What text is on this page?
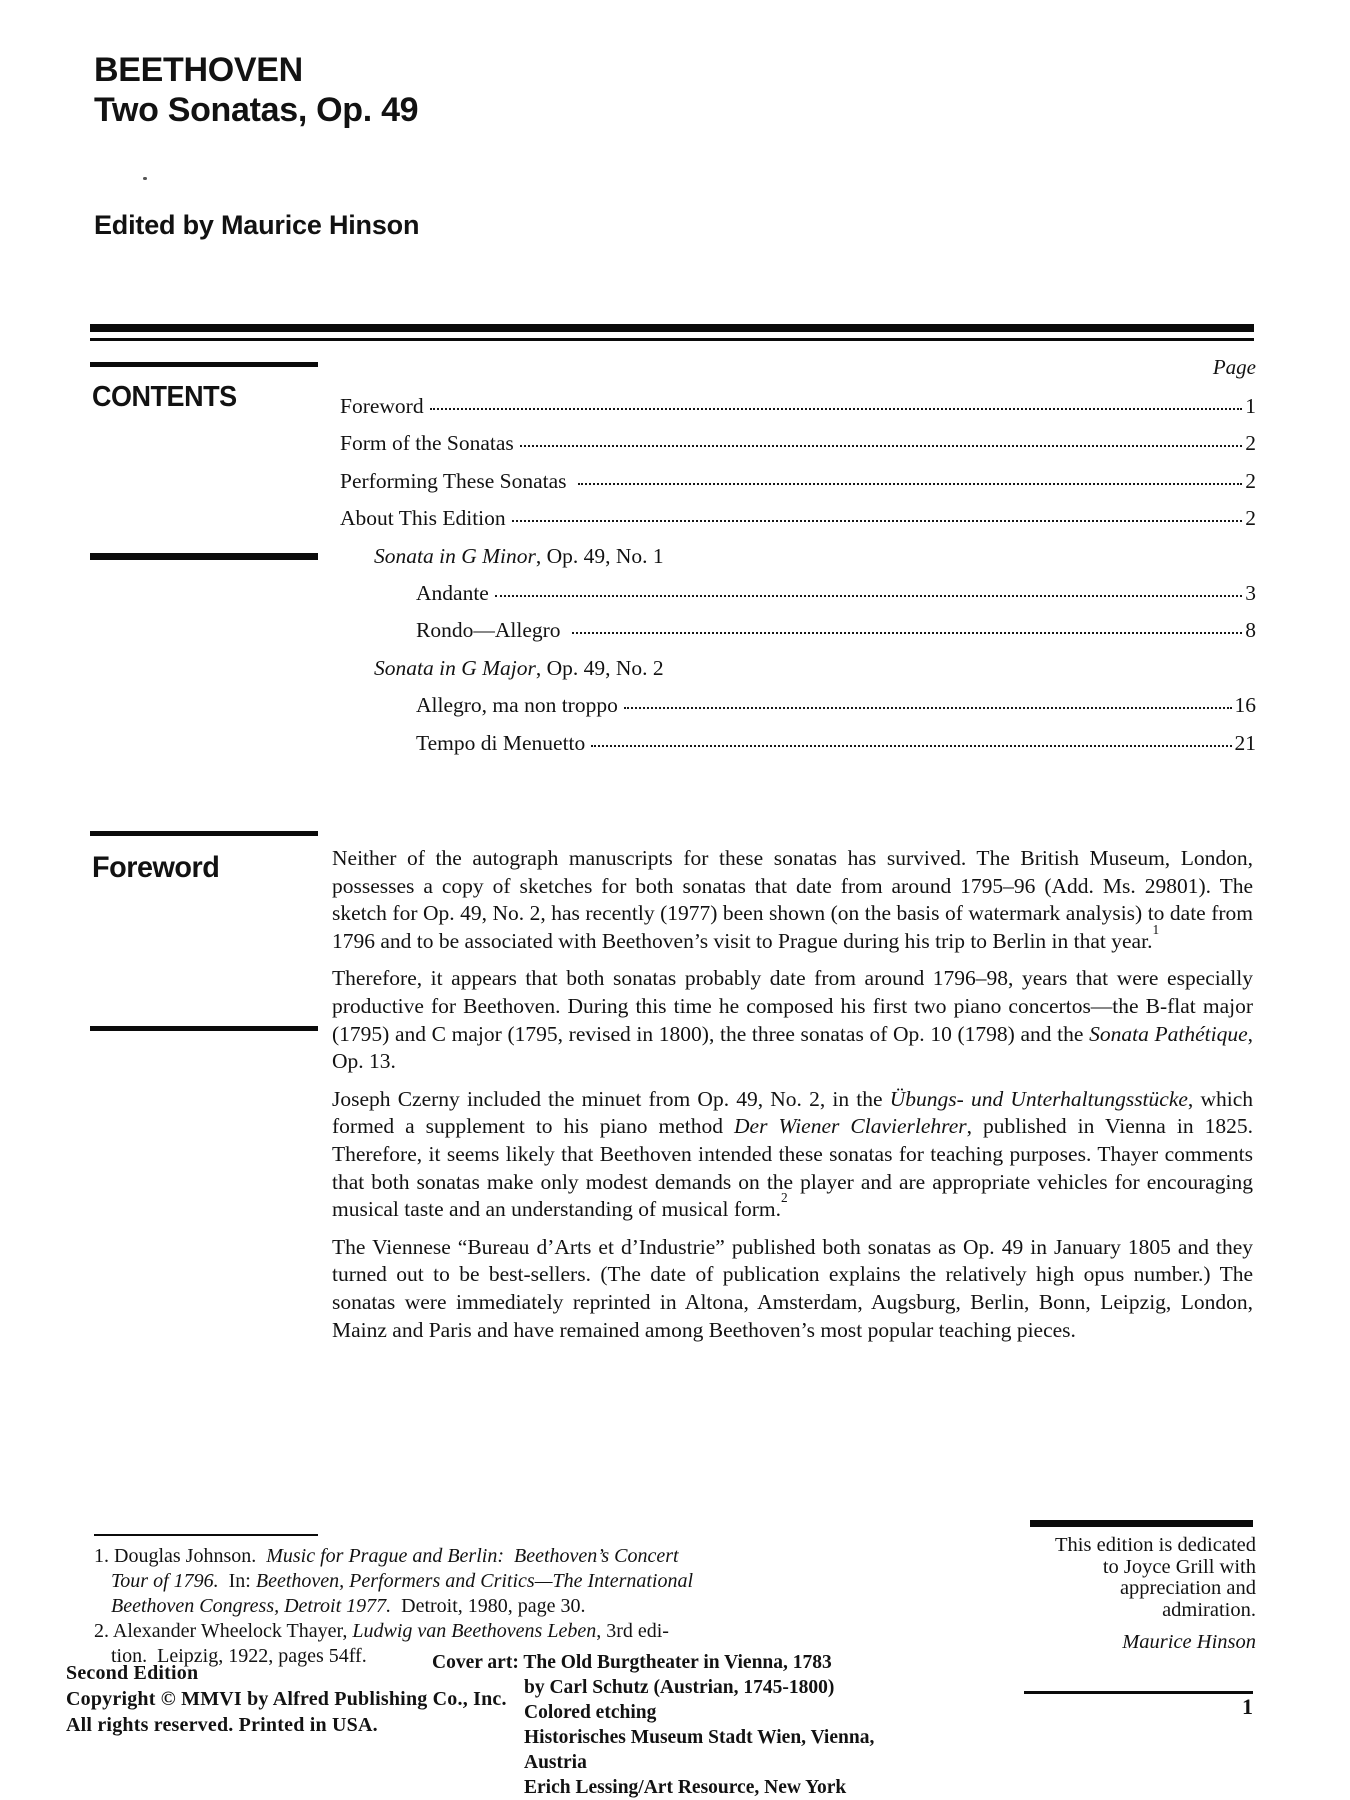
BEETHOVEN
Two Sonatas, Op. 49
Edited by Maurice Hinson
Page
CONTENTS	Foreword	1
Form of the Sonatas	2
Performing These Sonatas	2
About This Edition	2
Sonata in G Minor , Op. 49, No. 1
Andante	3
Rondo—Allegro	8
Sonata in G Major , Op. 49, No. 2
Allegro, ma non troppo	16
Tempo di Menuetto	21
Foreword	Neither of the autograph manuscripts for these sonatas has survived. The British Museum, London, possesses a copy of sketches for both sonatas that date from around 1795–96 (Add. Ms. 29801). The sketch for Op. 49, No. 2, has recently (1977) been shown (on the basis of watermark analysis) to date from 1796 and to be associated with Beethoven’s visit to Prague during his trip to Berlin in that year.$^1$

Therefore, it appears that both sonatas probably date from around 1796–98, years that were especially productive for Beethoven. During this time he composed his first two piano concertos—the B-flat major (1795) and C major (1795, revised in 1800), the three sonatas of Op. 10 (1798) and the Sonata Pathétique, Op. 13.

Joseph Czerny included the minuet from Op. 49, No. 2, in the Übungs- und Unterhaltungsstücke, which formed a supplement to his piano method Der Wiener Clavierlehrer, published in Vienna in 1825. Therefore, it seems likely that Beethoven intended these sonatas for teaching purposes. Thayer comments that both sonatas make only modest demands on the player and are appropriate vehicles for encouraging musical taste and an understanding of musical form.$^2$

The Viennese “Bureau d’Arts et d’Industrie” published both sonatas as Op. 49 in January 1805 and they turned out to be best-sellers. (The date of publication explains the relatively high opus number.) The sonatas were immediately reprinted in Altona, Amsterdam, Augsburg, Berlin, Bonn, Leipzig, London, Mainz and Paris and have remained among Beethoven’s most popular teaching pieces.

1. Douglas Johnson.  Music for Prague and Berlin:  Beethoven’s Concert
Tour of 1796.  In: Beethoven, Performers and Critics—The International
Beethoven Congress, Detroit 1977.  Detroit, 1980, page 30.
2. Alexander Wheelock Thayer, Ludwig van Beethovens Leben, 3rd edi-
tion.  Leipzig, 1922, pages 54ff.
Second Edition
Copyright © MMVI by Alfred Publishing Co., Inc.
All rights reserved. Printed in USA.
Cover art: The Old Burgtheater in Vienna, 1783
by Carl Schutz (Austrian, 1745-1800)
Colored etching
Historisches Museum Stadt Wien, Vienna, Austria
Erich Lessing/Art Resource, New York
This edition is dedicated
to Joyce Grill with
appreciation and
admiration.
Maurice Hinson
1
